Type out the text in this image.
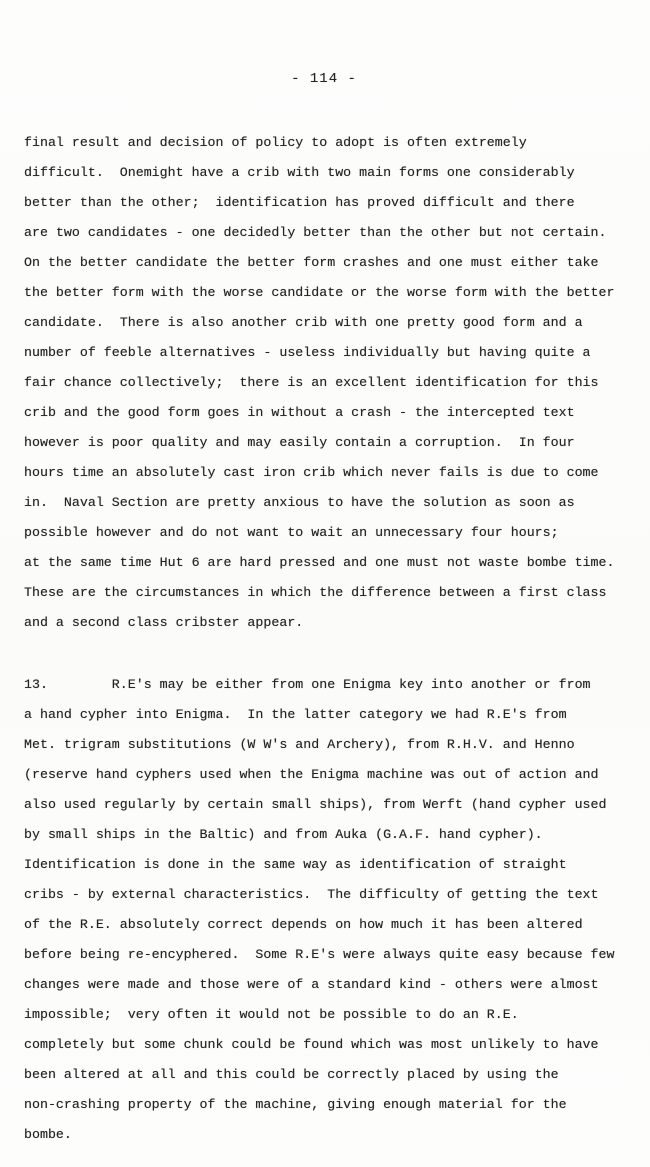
- 114 -
final result and decision of policy to adopt is often extremely
difficult.  Onemight have a crib with two main forms one considerably
better than the other;  identification has proved difficult and there
are two candidates - one decidedly better than the other but not certain.
On the better candidate the better form crashes and one must either take
the better form with the worse candidate or the worse form with the better
candidate.  There is also another crib with one pretty good form and a
number of feeble alternatives - useless individually but having quite a
fair chance collectively;  there is an excellent identification for this
crib and the good form goes in without a crash - the intercepted text
however is poor quality and may easily contain a corruption.  In four
hours time an absolutely cast iron crib which never fails is due to come
in.  Naval Section are pretty anxious to have the solution as soon as
possible however and do not want to wait an unnecessary four hours;
at the same time Hut 6 are hard pressed and one must not waste bombe time.
These are the circumstances in which the difference between a first class
and a second class cribster appear.
13.        R.E's may be either from one Enigma key into another or from
a hand cypher into Enigma.  In the latter category we had R.E's from
Met. trigram substitutions (W W's and Archery), from R.H.V. and Henno
(reserve hand cyphers used when the Enigma machine was out of action and
also used regularly by certain small ships), from Werft (hand cypher used
by small ships in the Baltic) and from Auka (G.A.F. hand cypher).
Identification is done in the same way as identification of straight
cribs - by external characteristics.  The difficulty of getting the text
of the R.E. absolutely correct depends on how much it has been altered
before being re-encyphered.  Some R.E's were always quite easy because few
changes were made and those were of a standard kind - others were almost
impossible;  very often it would not be possible to do an R.E.
completely but some chunk could be found which was most unlikely to have
been altered at all and this could be correctly placed by using the
non-crashing property of the machine, giving enough material for the
bombe.
